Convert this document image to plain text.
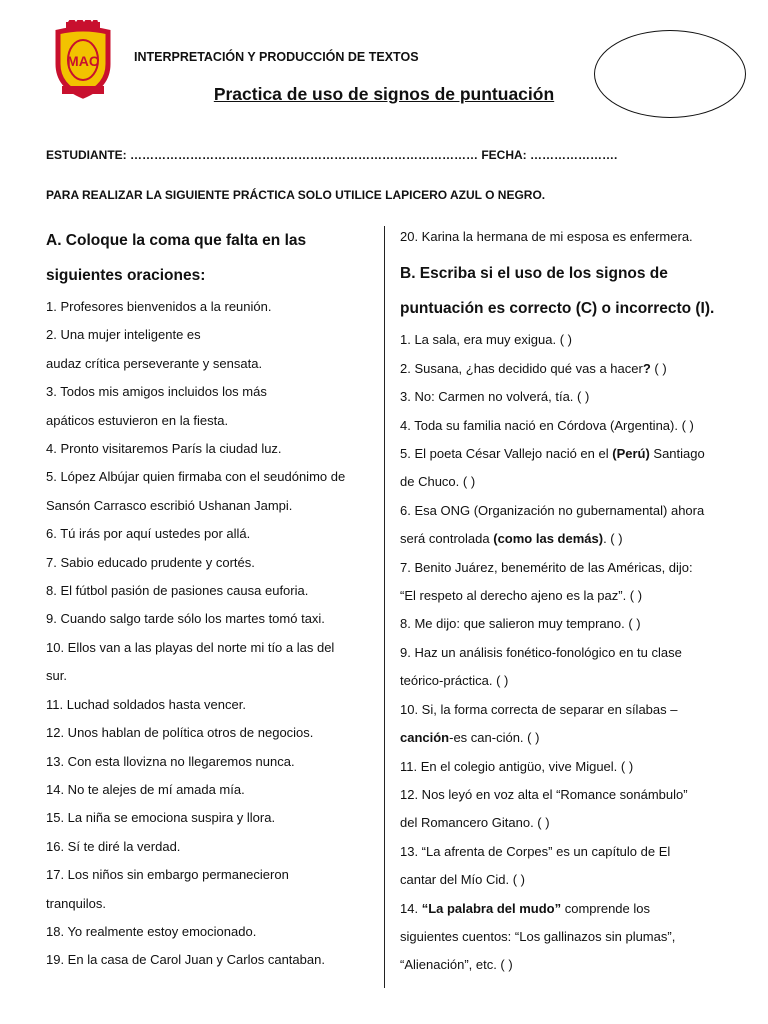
MAC	INTERPRETACIÓN Y PRODUCCIÓN DE TEXTOS
Practica de uso de signos de puntuación
ESTUDIANTE: …………………………………………………………………………… FECHA: ………………….
PARA REALIZAR LA SIGUIENTE PRÁCTICA SOLO UTILICE LAPICERO AZUL O NEGRO.

A. Coloque la coma que falta en las

siguientes oraciones:

1. Profesores bienvenidos a la reunión.

2. Una mujer inteligente es

audaz crítica perseverante y sensata.

3. Todos mis amigos incluidos los más

apáticos estuvieron en la fiesta.

4. Pronto visitaremos París la ciudad luz.

5. López Albújar quien firmaba con el seudónimo de

Sansón Carrasco escribió Ushanan Jampi.

6. Tú irás por aquí ustedes por allá.

7. Sabio educado prudente y cortés.

8. El fútbol pasión de pasiones causa euforia.

9. Cuando salgo tarde sólo los martes tomó taxi.

10. Ellos van a las playas del norte mi tío a las del

sur.

11. Luchad soldados hasta vencer.

12. Unos hablan de política otros de negocios.

13. Con esta llovizna no llegaremos nunca.

14. No te alejes de mí amada mía.

15. La niña se emociona suspira y llora.

16. Sí te diré la verdad.

17. Los niños sin embargo permanecieron

tranquilos.

18. Yo realmente estoy emocionado.

19. En la casa de Carol Juan y Carlos cantaban.

20. Karina la hermana de mi esposa es enfermera.

B. Escriba si el uso de los signos de

puntuación es correcto (C) o incorrecto (I).

1. La sala, era muy exigua. ( )

2. Susana, ¿has decidido qué vas a hacer? ( )

3. No: Carmen no volverá, tía. ( )

4. Toda su familia nació en Córdova (Argentina). ( )

5. El poeta César Vallejo nació en el (Perú) Santiago

de Chuco. ( )

6. Esa ONG (Organización no gubernamental) ahora

será controlada (como las demás). ( )

7. Benito Juárez, benemérito de las Américas, dijo:

“El respeto al derecho ajeno es la paz”. ( )

8. Me dijo: que salieron muy temprano. ( )

9. Haz un análisis fonético-fonológico en tu clase

teórico-práctica. ( )

10. Si, la forma correcta de separar en sílabas –

canción-es can-ción. ( )

11. En el colegio antigüo, vive Miguel. ( )

12. Nos leyó en voz alta el “Romance sonámbulo”

del Romancero Gitano. ( )

13. “La afrenta de Corpes” es un capítulo de El

cantar del Mío Cid. ( )

14. “La palabra del mudo” comprende los

siguientes cuentos: “Los gallinazos sin plumas”,

“Alienación”, etc. ( )
